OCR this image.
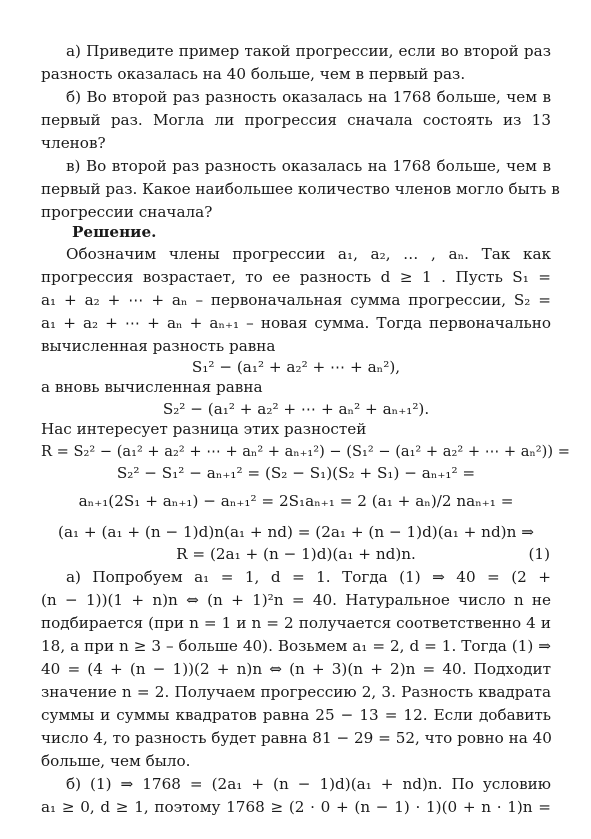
а) Приведите пример такой прогрессии, если во второй раз
разность оказалась на 40 больше, чем в первый раз.
б) Во второй раз разность оказалась на 1768 больше, чем в
первый раз. Могла ли прогрессия сначала состоять из 13
членов?
в) Во второй раз разность оказалась на 1768 больше, чем в
первый раз. Какое наибольшее количество членов могло быть в
прогрессии сначала?
Решение.
Обозначим члены прогрессии a₁, a₂, … , aₙ. Так как
прогрессия возрастает, то ее разность d ≥ 1 . Пусть S₁ =
a₁ + a₂ + ⋯ + aₙ – первоначальная сумма прогрессии, S₂ =
a₁ + a₂ + ⋯ + aₙ + aₙ₊₁ – новая сумма. Тогда первоначально
вычисленная разность равна
S₁² − (a₁² + a₂² + ⋯ + aₙ²),
а вновь вычисленная равна
S₂² − (a₁² + a₂² + ⋯ + aₙ² + aₙ₊₁²).
Нас интересует разница этих разностей
R = S₂² − (a₁² + a₂² + ⋯ + aₙ² + aₙ₊₁²) − (S₁² − (a₁² + a₂² + ⋯ + aₙ²)) =
S₂² − S₁² − aₙ₊₁² = (S₂ − S₁)(S₂ + S₁) − aₙ₊₁² =
aₙ₊₁(2S₁ + aₙ₊₁) − aₙ₊₁² = 2S₁aₙ₊₁ = 2 (a₁ + aₙ)/2 naₙ₊₁ =
(a₁ + (a₁ + (n − 1)d)n(a₁ + nd) = (2a₁ + (n − 1)d)(a₁ + nd)n ⇒
R = (2a₁ + (n − 1)d)(a₁ + nd)n.	(1)
а) Попробуем a₁ = 1, d = 1. Тогда (1) ⇒ 40 = (2 +
(n − 1))(1 + n)n ⇔ (n + 1)²n = 40. Натуральное число n не
подбирается (при n = 1 и n = 2 получается соответственно 4 и
18, а при n ≥ 3 – больше 40). Возьмем a₁ = 2, d = 1. Тогда (1) ⇒
40 = (4 + (n − 1))(2 + n)n ⇔ (n + 3)(n + 2)n = 40. Подходит
значение n = 2. Получаем прогрессию 2, 3. Разность квадрата
суммы и суммы квадратов равна 25 − 13 = 12. Если добавить
число 4, то разность будет равна 81 − 29 = 52, что ровно на 40
больше, чем было.
б) (1) ⇒ 1768 = (2a₁ + (n − 1)d)(a₁ + nd)n. По условию
a₁ ≥ 0, d ≥ 1, поэтому 1768 ≥ (2 · 0 + (n − 1) · 1)(0 + n · 1)n =
